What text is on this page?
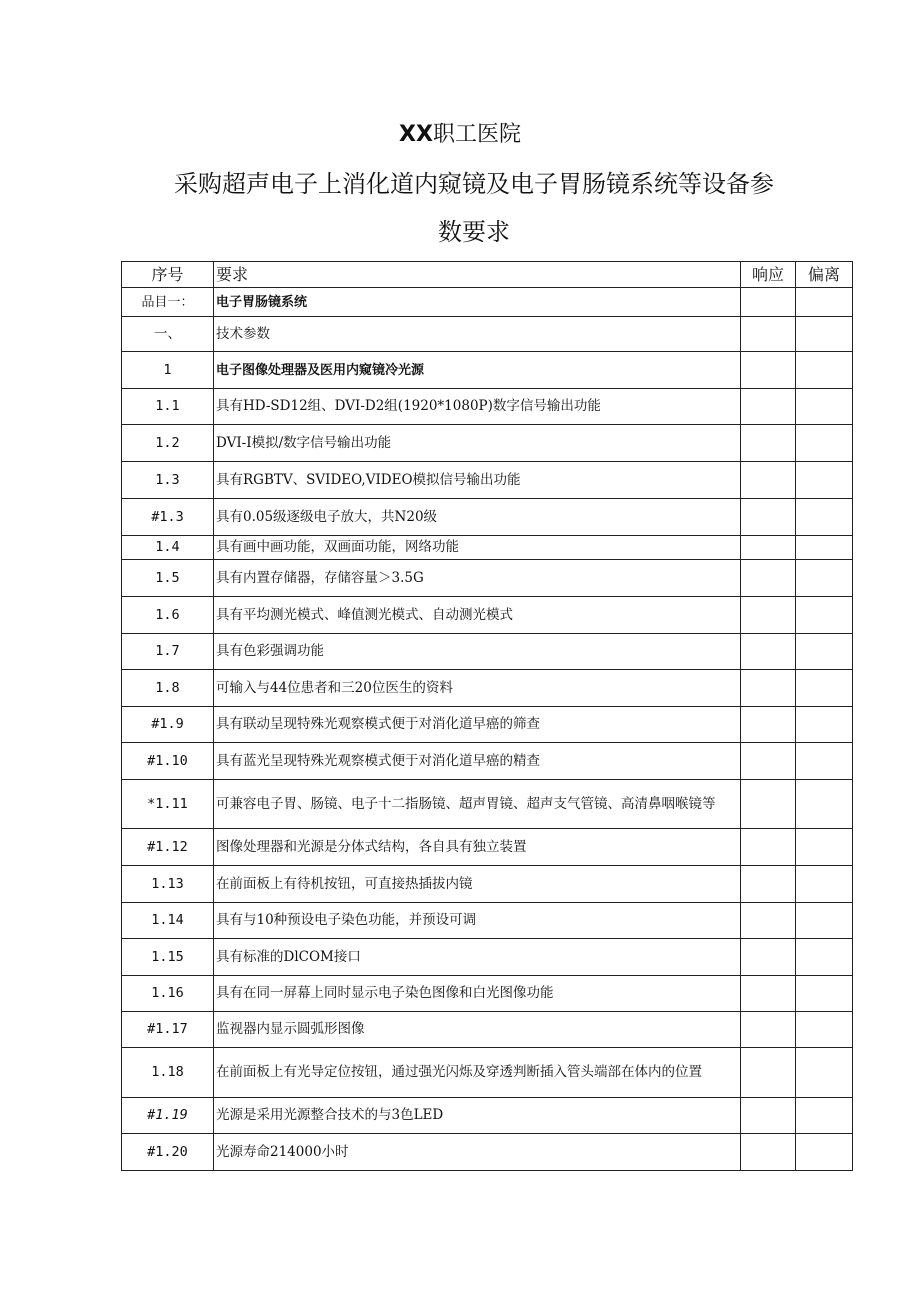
XX职工医院
采购超声电子上消化道内窥镜及电子胃肠镜系统等设备参
数要求
序号	要求	响应	偏离
品目一：	电子胃肠镜系统		
一、	技术参数		
1	电子图像处理器及医用内窥镜冷光源		
1.1	具有HD-SD12组、DVI-D2组(1920*1080P)数字信号输出功能		
1.2	DVI-I模拟/数字信号输出功能		
1.3	具有RGBTV、SVIDEO,VIDEO模拟信号输出功能		
#1.3	具有0.05级逐级电子放大，共N20级		
1.4	具有画中画功能，双画面功能，网络功能		
1.5	具有内置存储器，存储容量＞3.5G		
1.6	具有平均测光模式、峰值测光模式、自动测光模式		
1.7	具有色彩强调功能		
1.8	可输入与44位患者和三20位医生的资料		
#1.9	具有联动呈现特殊光观察模式便于对消化道早癌的筛查		
#1.10	具有蓝光呈现特殊光观察模式便于对消化道早癌的精查		
*1.11	可兼容电子胃、肠镜、电子十二指肠镜、超声胃镜、超声支气管镜、高清鼻咽喉镜等		
#1.12	图像处理器和光源是分体式结构，各自具有独立装置		
1.13	在前面板上有待机按钮，可直接热插拔内镜		
1.14	具有与10种预设电子染色功能，并预设可调		
1.15	具有标准的DlCOM接口		
1.16	具有在同一屏幕上同时显示电子染色图像和白光图像功能		
#1.17	监视器内显示圆弧形图像		
1.18	在前面板上有光导定位按钮，通过强光闪烁及穿透判断插入管头端部在体内的位置		
#1.19	光源是采用光源整合技术的与3色LED		
#1.20	光源寿命214000小时		
